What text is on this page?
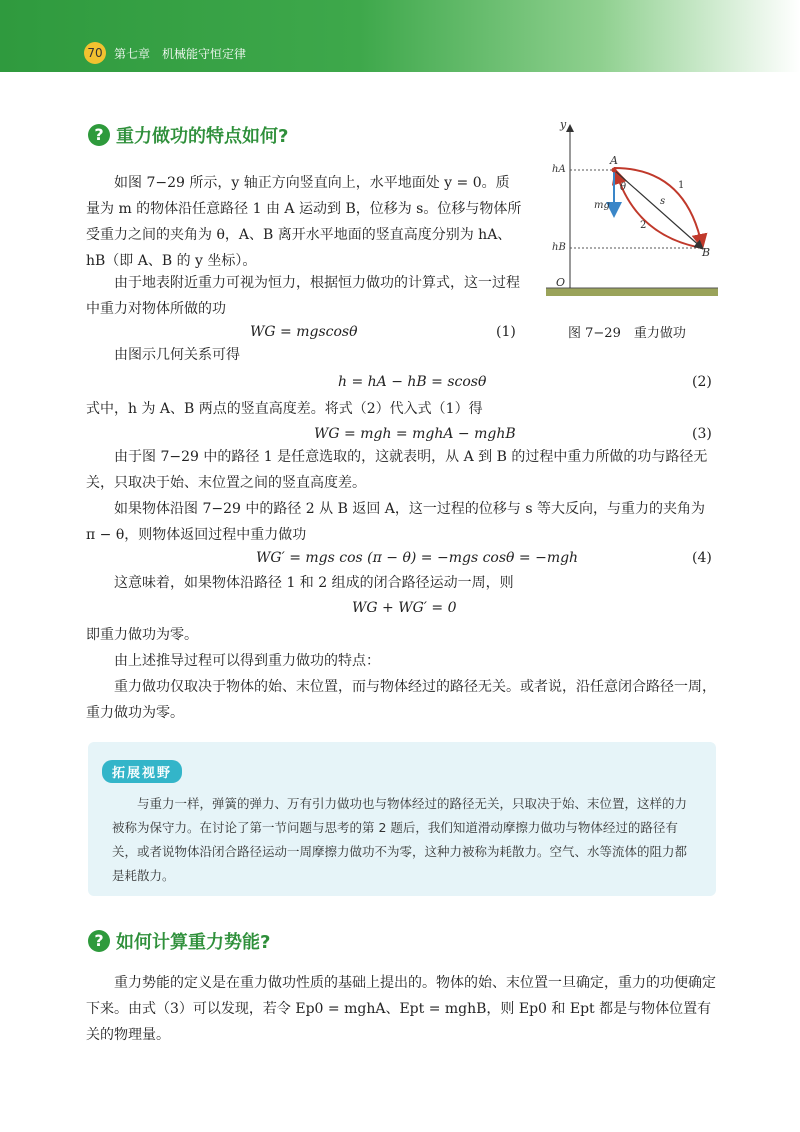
70 第七章　机械能守恒定律
? 重力做功的特点如何?

如图 7−29 所示，y 轴正方向竖直向上，水平地面处 y = 0。质量为 m 的物体沿任意路径 1 由 A 运动到 B，位移为 s。位移与物体所受重力之间的夹角为 θ，A、B 离开水平地面的竖直高度分别为 hA、hB（即 A、B 的 y 坐标）。

由于地表附近重力可视为恒力，根据恒力做功的计算式，这一过程中重力对物体所做的功

WG = mgscosθ	(1)

由图示几何关系可得

h = hA − hB = scosθ	(2)

式中，h 为 A、B 两点的竖直高度差。将式（2）代入式（1）得

WG = mgh = mghA − mghB	(3)

由于图 7−29 中的路径 1 是任意选取的，这就表明，从 A 到 B 的过程中重力所做的功与路径无关，只取决于始、末位置之间的竖直高度差。

如果物体沿图 7−29 中的路径 2 从 B 返回 A，这一过程的位移与 s 等大反向，与重力的夹角为 π − θ，则物体返回过程中重力做功

WG′ = mgs cos (π − θ) = −mgs cosθ = −mgh	(4)

这意味着，如果物体沿路径 1 和 2 组成的闭合路径运动一周，则

WG + WG′ = 0

即重力做功为零。

由上述推导过程可以得到重力做功的特点：

重力做功仅取决于物体的始、末位置，而与物体经过的路径无关。或者说，沿任意闭合路径一周，重力做功为零。

y
O
hA
hB
A
B
θ
mg	s
1
2
图 7−29　重力做功
拓展视野

与重力一样，弹簧的弹力、万有引力做功也与物体经过的路径无关，只取决于始、末位置，这样的力被称为保守力。在讨论了第一节问题与思考的第 2 题后，我们知道滑动摩擦力做功与物体经过的路径有关，或者说物体沿闭合路径运动一周摩擦力做功不为零，这种力被称为耗散力。空气、水等流体的阻力都是耗散力。

? 如何计算重力势能?

重力势能的定义是在重力做功性质的基础上提出的。物体的始、末位置一旦确定，重力的功便确定下来。由式（3）可以发现，若令 Ep0 = mghA、Ept = mghB，则 Ep0 和 Ept 都是与物体位置有关的物理量。
